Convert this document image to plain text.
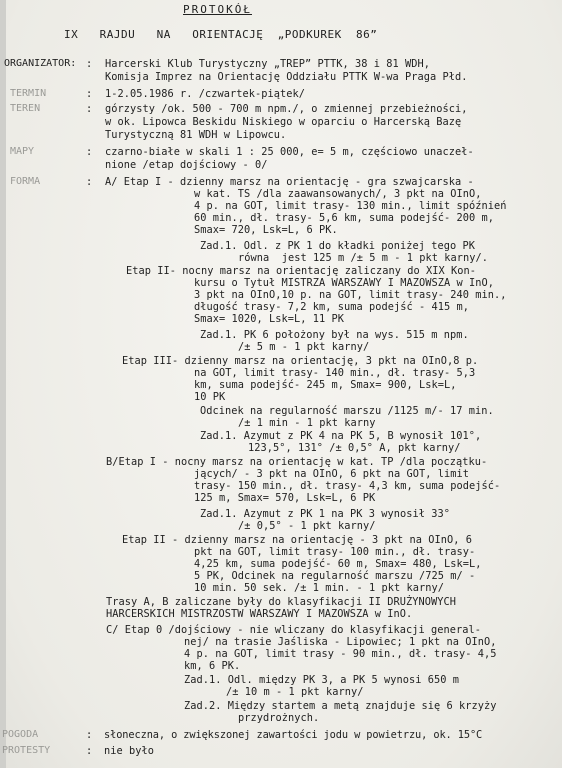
PROTOKÓŁ
IX   RAJDU   NA   ORIENTACJĘ  „PODKUREK  86”
ORGANIZATOR: : Harcerski Klub Turystyczny „TREP” PTTK, 38 i 81 WDH,
Komisja Imprez na Orientację Oddziału PTTK W-wa Praga Płd.
TERMIN	: 1-2.05.1986 r. /czwartek-piątek/
TEREN	: górzysty /ok. 500 - 700 m npm./, o zmiennej przebieżności,
w ok. Lipowca Beskidu Niskiego w oparciu o Harcerską Bazę
Turystyczną 81 WDH w Lipowcu.
MAPY	: czarno-białe w skali 1 : 25 000, e= 5 m, częściowo unaczeł-
nione /etap dojściowy - 0/
FORMA	: A/ Etap I - dzienny marsz na orientację - gra szwajcarska -
w kat. TS /dla zaawansowanych/, 3 pkt na OInO,
4 p. na GOT, limit trasy- 130 min., limit spóźnień
60 min., dł. trasy- 5,6 km, suma podejść- 200 m,
Smax= 720, Lsk=L, 6 PK.
Zad.1. Odl. z PK 1 do kładki poniżej tego PK
równa  jest 125 m /± 5 m - 1 pkt karny/.
Etap II- nocny marsz na orientację zaliczany do XIX Kon-
kursu o Tytuł MISTRZA WARSZAWY I MAZOWSZA w InO,
3 pkt na OInO,10 p. na GOT, limit trasy- 240 min.,
długość trasy- 7,2 km, suma podejść - 415 m,
Smax= 1020, Lsk=L, 11 PK
Zad.1. PK 6 położony był na wys. 515 m npm.
/± 5 m - 1 pkt karny/
Etap III- dzienny marsz na orientację, 3 pkt na OInO,8 p.
na GOT, limit trasy- 140 min., dł. trasy- 5,3
km, suma podejść- 245 m, Smax= 900, Lsk=L,
10 PK
Odcinek na regularność marszu /1125 m/- 17 min.
/± 1 min - 1 pkt karny
Zad.1. Azymut z PK 4 na PK 5, B wynosił 101°,
123,5°, 131° /± 0,5° A, pkt karny/
B/Etap I - nocny marsz na orientację w kat. TP /dla początku-
jących/ - 3 pkt na OInO, 6 pkt na GOT, limit
trasy- 150 min., dł. trasy- 4,3 km, suma podejść-
125 m, Smax= 570, Lsk=L, 6 PK
Zad.1. Azymut z PK 1 na PK 3 wynosił 33°
/± 0,5° - 1 pkt karny/
Etap II - dzienny marsz na orientację - 3 pkt na OInO, 6
pkt na GOT, limit trasy- 100 min., dł. trasy-
4,25 km, suma podejść- 60 m, Smax= 480, Lsk=L,
5 PK, Odcinek na regularność marszu /725 m/ -
10 min. 50 sek. /± 1 min. - 1 pkt karny/
Trasy A, B zaliczane były do klasyfikacji II DRUŻYNOWYCH
HARCERSKICH MISTRZOSTW WARSZAWY I MAZOWSZA w InO.
C/ Etap 0 /dojściowy - nie wliczany do klasyfikacji general-
nej/ na trasie Jaśliska - Lipowiec; 1 pkt na OInO,
4 p. na GOT, limit trasy - 90 min., dł. trasy- 4,5
km, 6 PK.
Zad.1. Odl. między PK 3, a PK 5 wynosi 650 m
/± 10 m - 1 pkt karny/
Zad.2. Między startem a metą znajduje się 6 krzyży
przydrożnych.
POGODA	: słoneczna, o zwiększonej zawartości jodu w powietrzu, ok. 15°C
PROTESTY	: nie było
